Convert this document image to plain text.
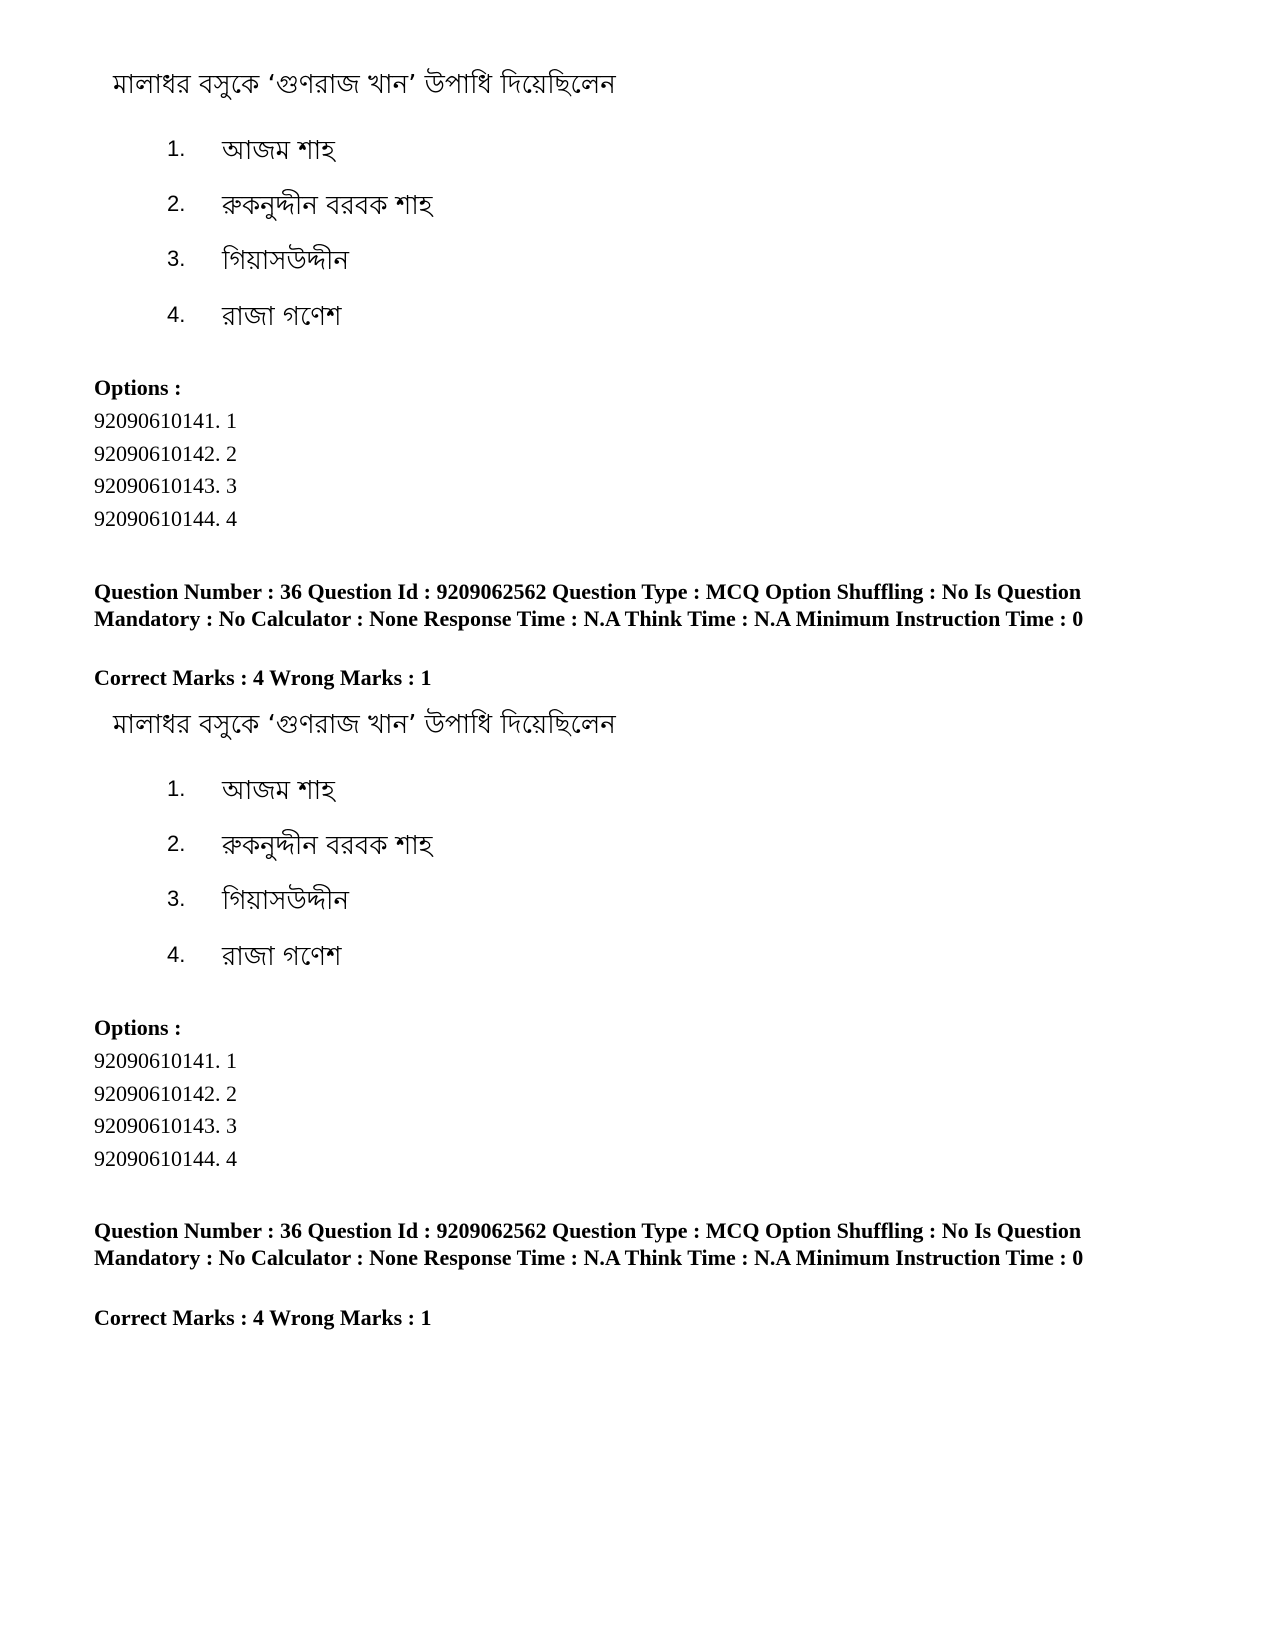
মালাধর বসুকে ‘গুণরাজ খান’ উপাধি দিয়েছিলেন
1. আজম শাহ
2. রুকনুদ্দীন বরবক শাহ
3. গিয়াসউদ্দীন
4. রাজা গণেশ
Options :
92090610141. 1
92090610142. 2
92090610143. 3
92090610144. 4
Question Number : 36 Question Id : 9209062562 Question Type : MCQ Option Shuffling : No Is Question Mandatory : No Calculator : None Response Time : N.A Think Time : N.A Minimum Instruction Time : 0
Correct Marks : 4 Wrong Marks : 1
মালাধর বসুকে ‘গুণরাজ খান’ উপাধি দিয়েছিলেন
1. আজম শাহ
2. রুকনুদ্দীন বরবক শাহ
3. গিয়াসউদ্দীন
4. রাজা গণেশ
Options :
92090610141. 1
92090610142. 2
92090610143. 3
92090610144. 4
Question Number : 36 Question Id : 9209062562 Question Type : MCQ Option Shuffling : No Is Question Mandatory : No Calculator : None Response Time : N.A Think Time : N.A Minimum Instruction Time : 0
Correct Marks : 4 Wrong Marks : 1
